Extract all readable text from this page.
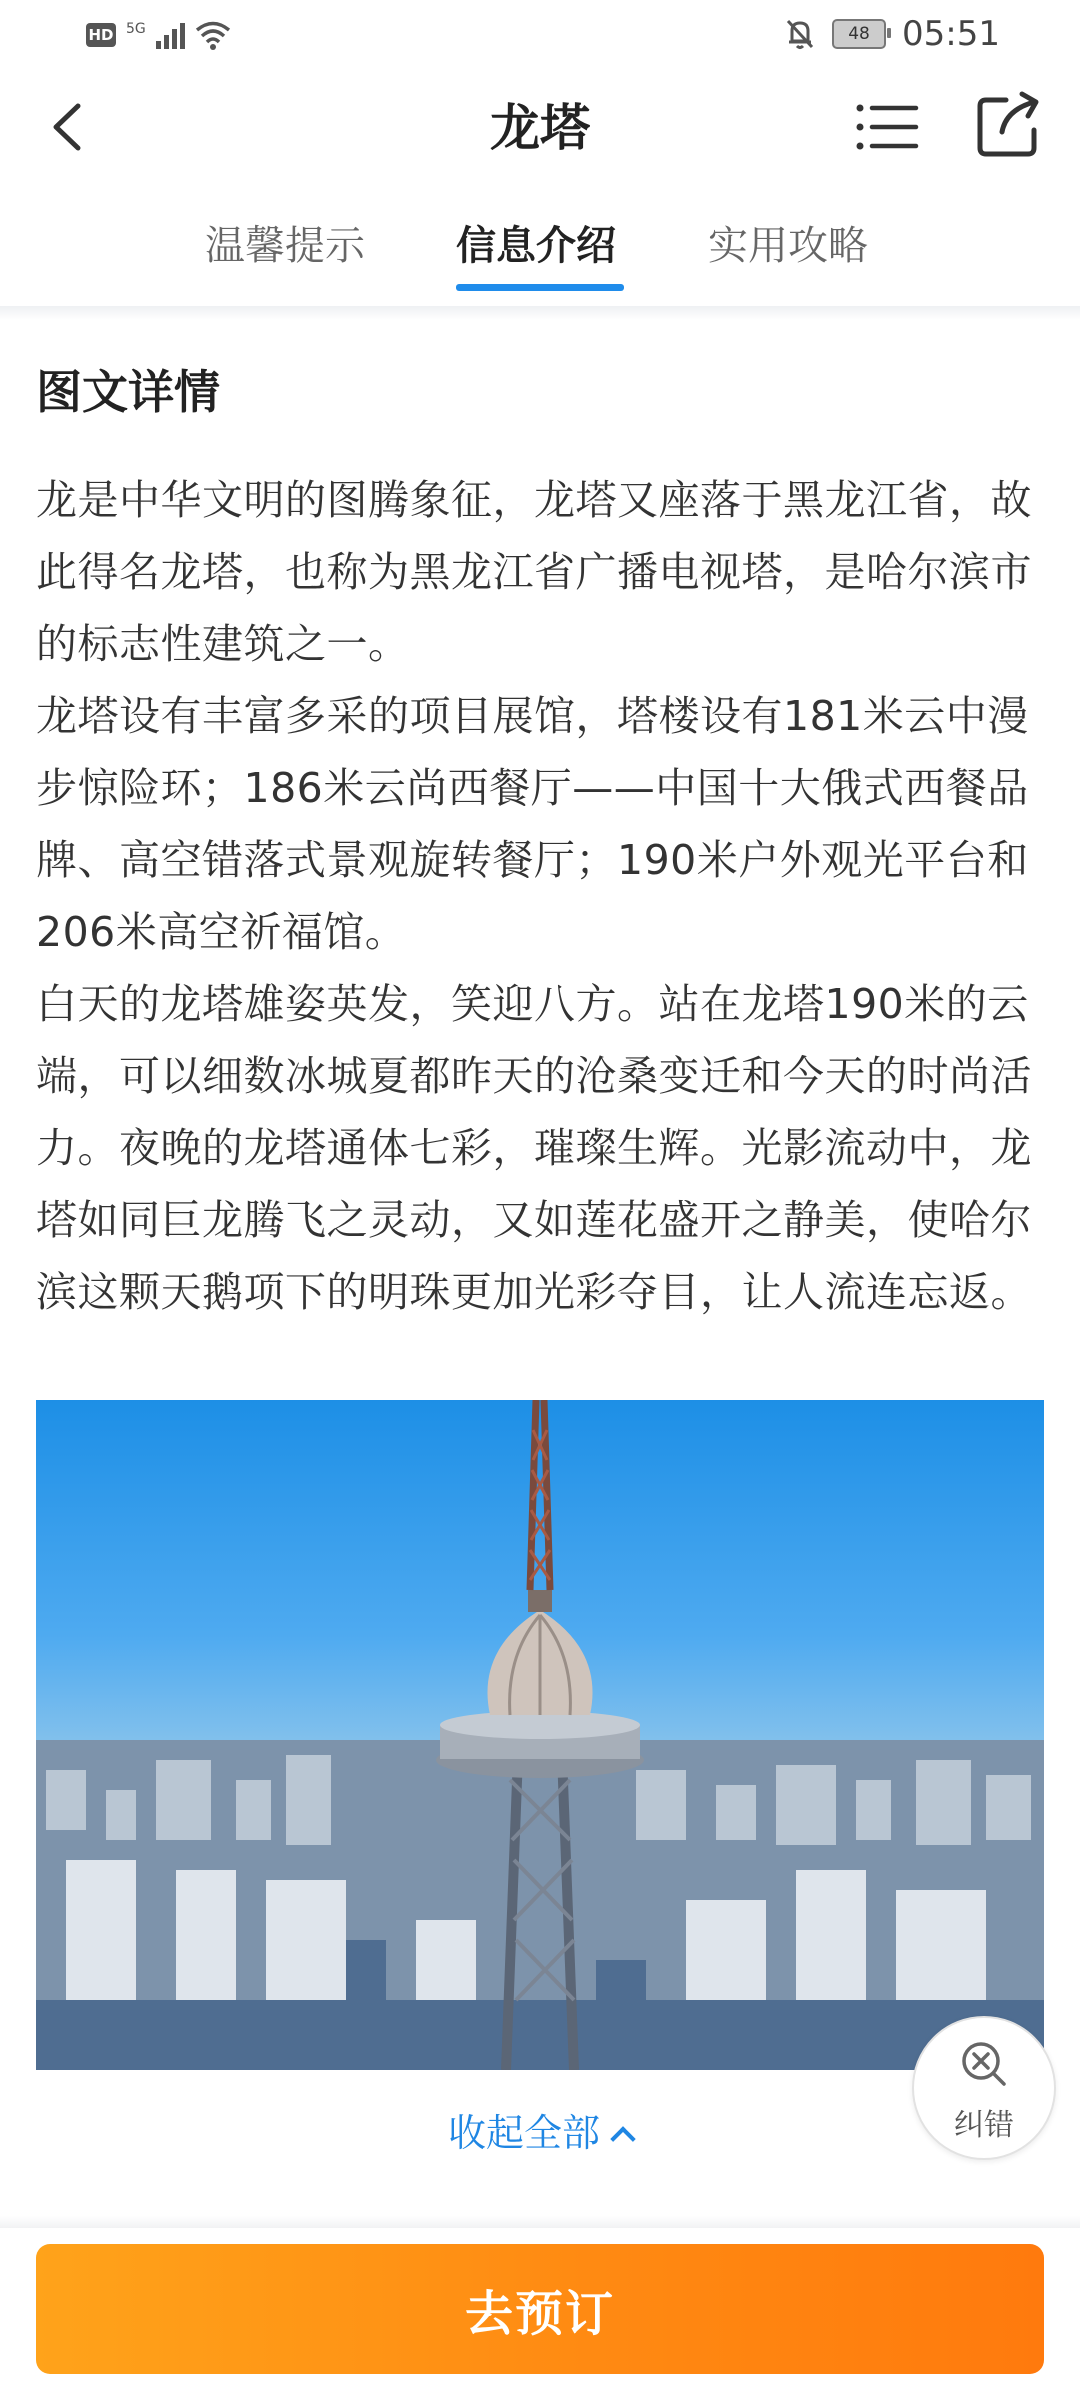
HD 5G	48 05:51
龙塔
温馨提示 信息介绍 实用攻略
图文详情

龙是中华文明的图腾象征，龙塔又座落于黑龙江省，故此得名龙塔，也称为黑龙江省广播电视塔，是哈尔滨市的标志性建筑之一。

龙塔设有丰富多采的项目展馆，塔楼设有181米云中漫步惊险环；186米云尚西餐厅——中国十大俄式西餐品牌、高空错落式景观旋转餐厅；190米户外观光平台和206米高空祈福馆。

白天的龙塔雄姿英发，笑迎八方。站在龙塔190米的云端，可以细数冰城夏都昨天的沧桑变迁和今天的时尚活力。夜晚的龙塔通体七彩，璀璨生辉。光影流动中，龙塔如同巨龙腾飞之灵动，又如莲花盛开之静美，使哈尔滨这颗天鹅项下的明珠更加光彩夺目，让人流连忘返。

收起全部	纠错
去预订
